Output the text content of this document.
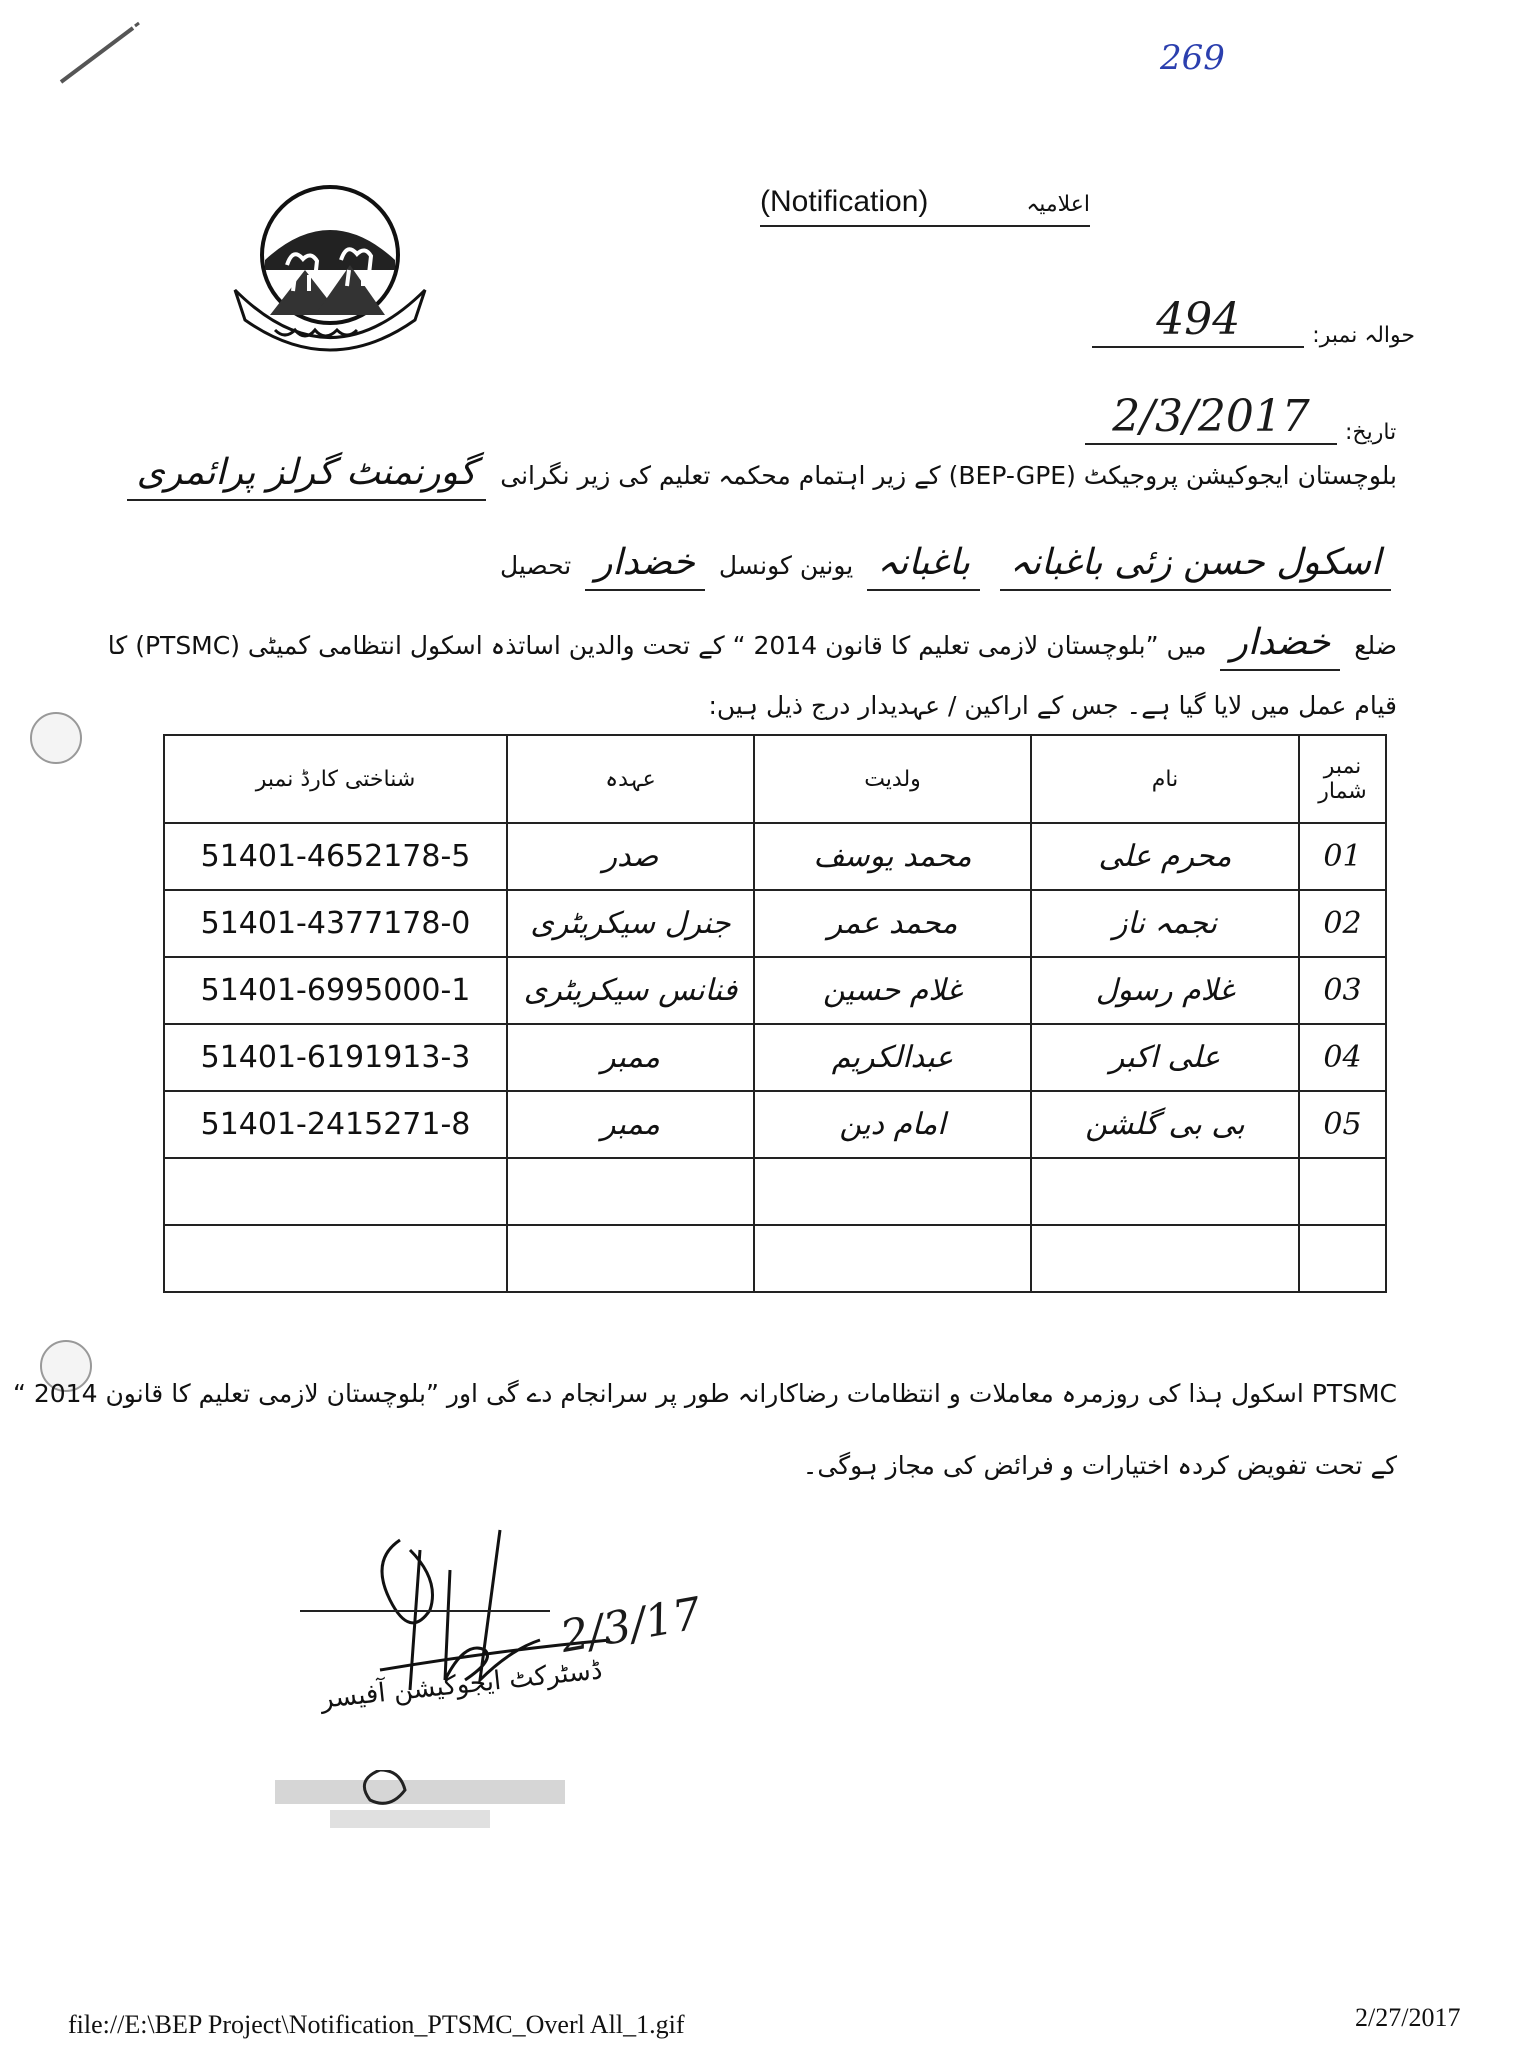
269
(Notification)	اعلامیہ
حوالہ نمبر:
494
تاریخ:
2/3/2017
بلوچستان ایجوکیشن پروجیکٹ (BEP-GPE) کے زیر اہتمام محکمہ تعلیم کی زیر نگرانی گورنمنٹ گرلز پرائمری
اسکول حسن زئی باغبانہ باغبانہ یونین کونسل خضدار تحصیل
ضلع خضدار میں ”بلوچستان لازمی تعلیم کا قانون 2014 “ کے تحت والدین اساتذہ اسکول انتظامی کمیٹی (PTSMC) کا
قیام عمل میں لایا گیا ہے۔ جس کے اراکین / عہدیدار درج ذیل ہیں:
نمبر شمار	نام	ولدیت	عہدہ	شناختی کارڈ نمبر
01	محرم علی	محمد یوسف	صدر	51401-4652178-5
02	نجمہ ناز	محمد عمر	جنرل سیکریٹری	51401-4377178-0
03	غلام رسول	غلام حسین	فنانس سیکریٹری	51401-6995000-1
04	علی اکبر	عبدالکریم	ممبر	51401-6191913-3
05	بی بی گلشن	امام دین	ممبر	51401-2415271-8

PTSMC اسکول ہذا کی روزمرہ معاملات و انتظامات رضاکارانہ طور پر سرانجام دے گی اور ”بلوچستان لازمی تعلیم کا قانون 2014 “
کے تحت تفویض کردہ اختیارات و فرائض کی مجاز ہوگی۔
2/3/17
ڈسٹرکٹ ایجوکیشن آفیسر
file://E:\BEP Project\Notification_PTSMC_Overl All_1.gif	2/27/2017
